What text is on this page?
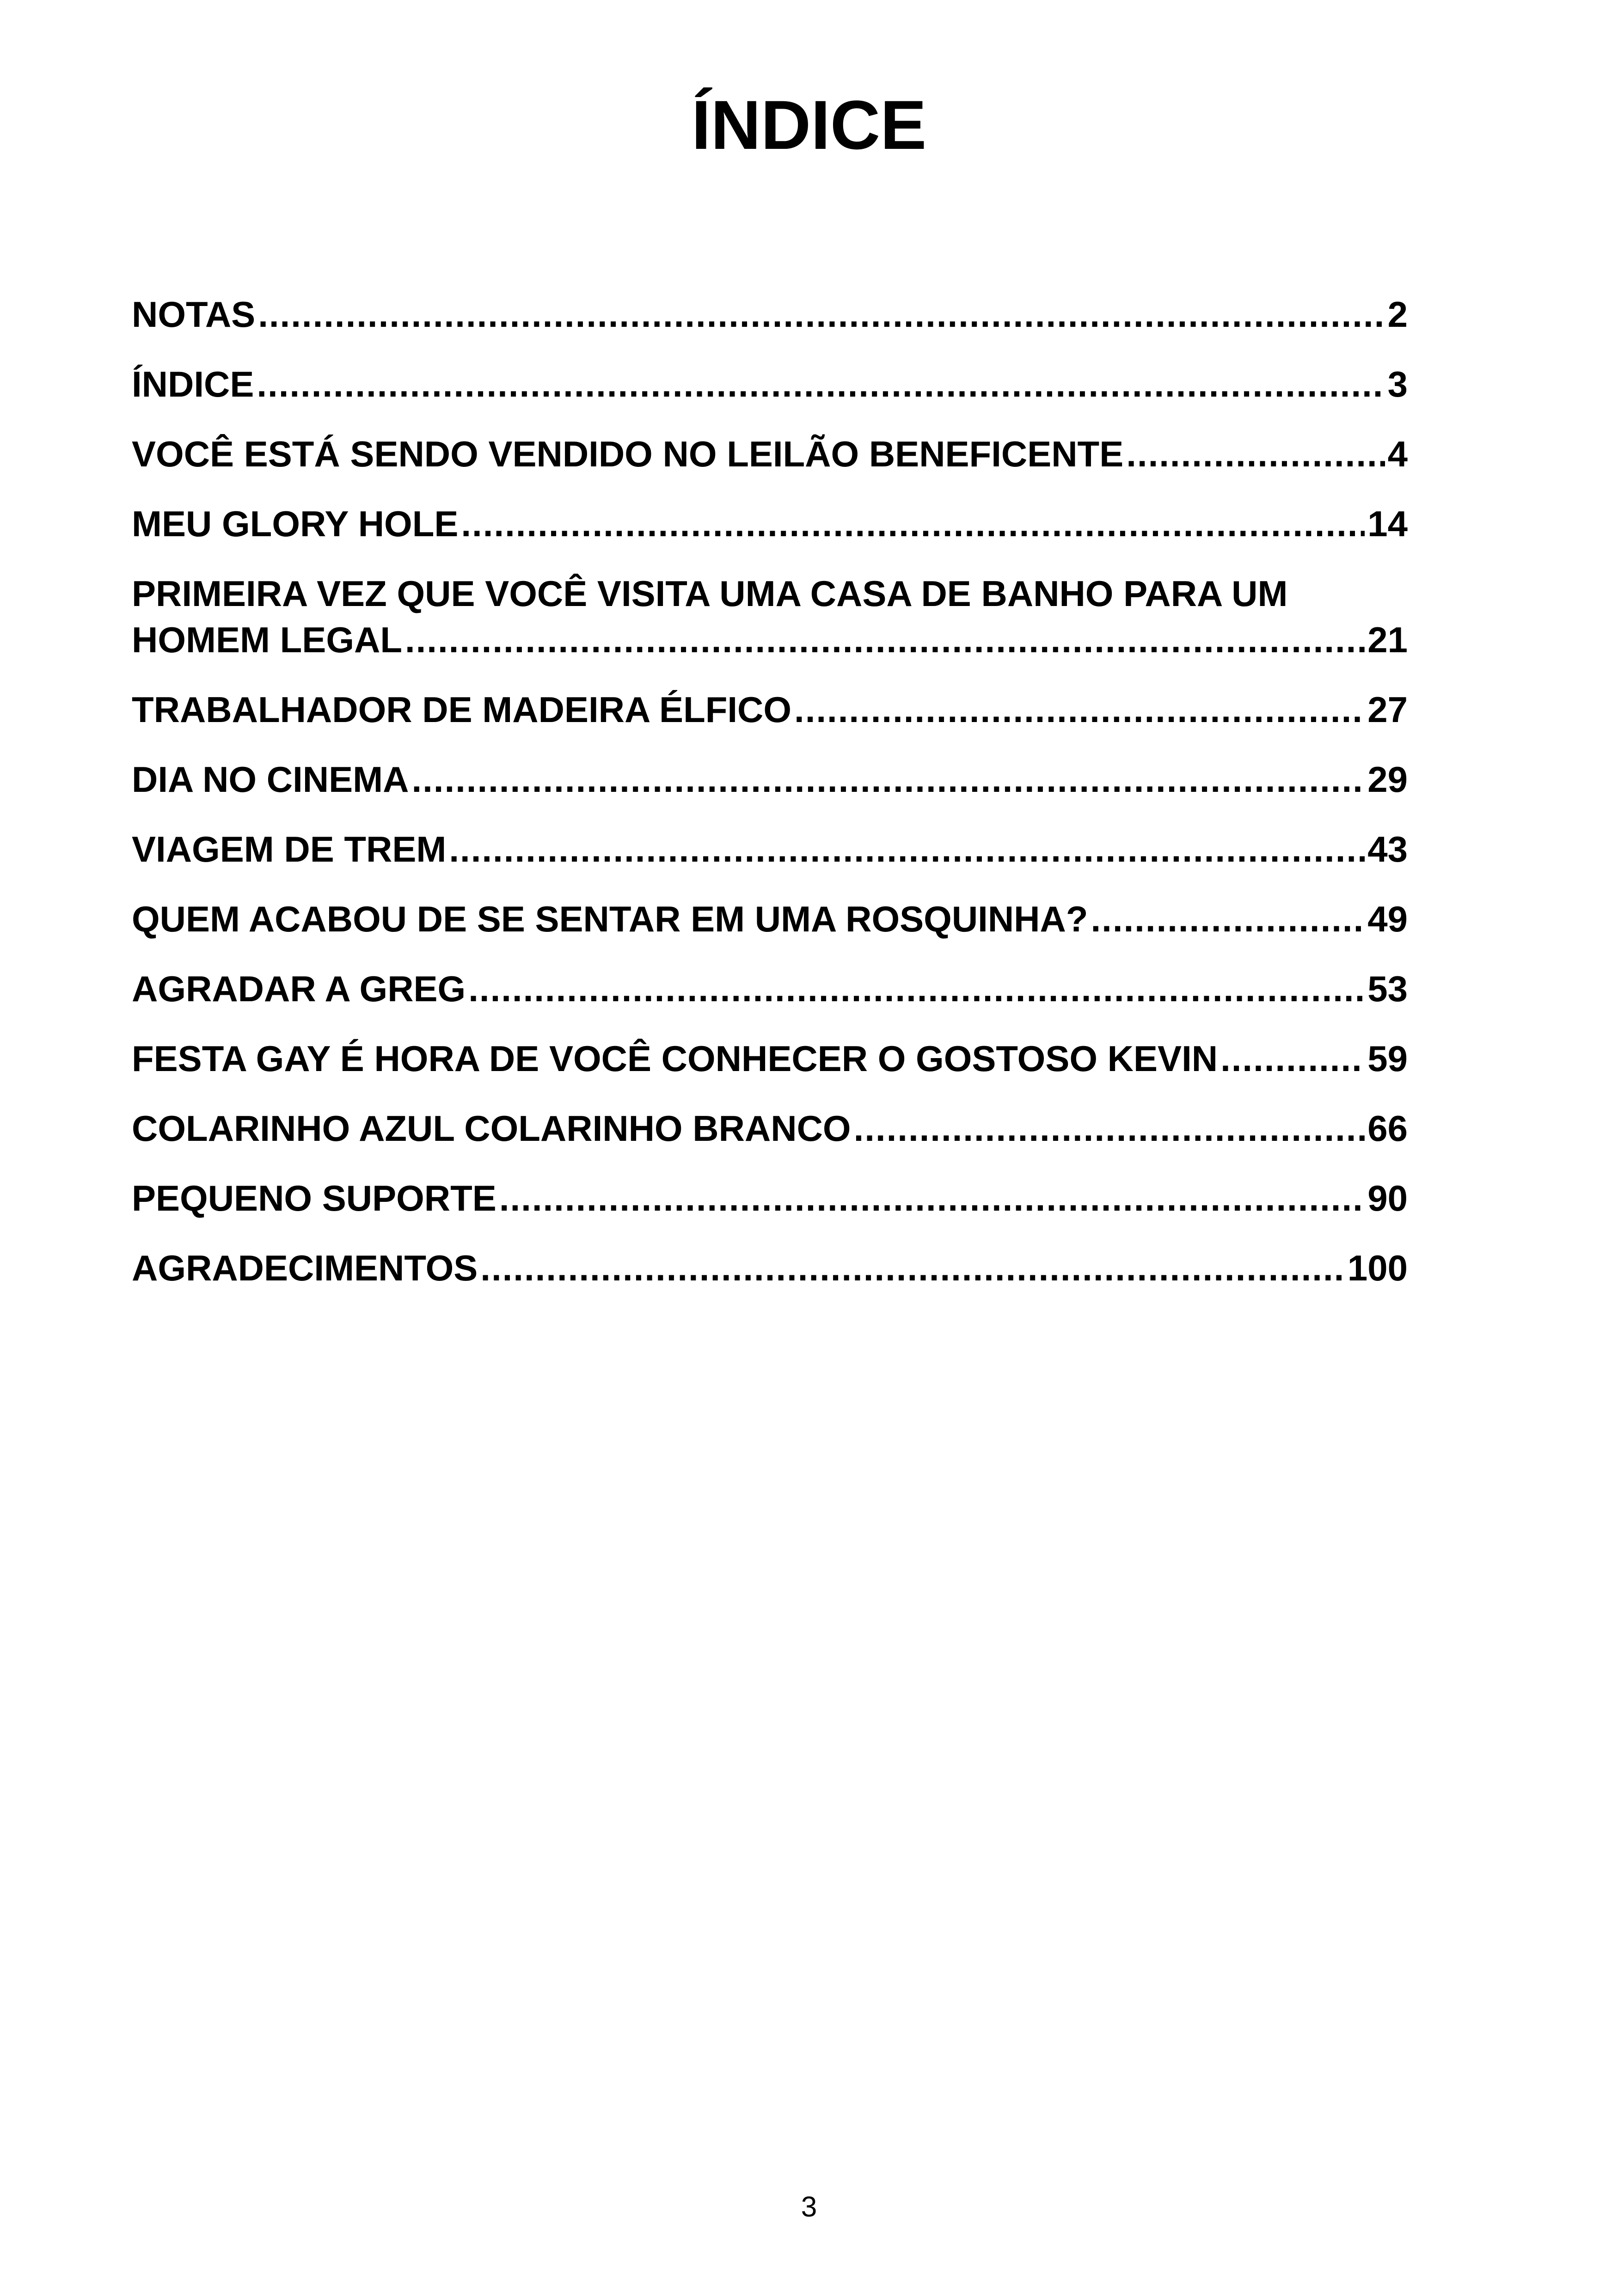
ÍNDICE
NOTAS .....	2
ÍNDICE .....	3
VOCÊ ESTÁ SENDO VENDIDO NO LEILÃO BENEFICENTE .....	4
MEU GLORY HOLE .....	14
PRIMEIRA VEZ QUE VOCÊ VISITA UMA CASA DE BANHO PARA UM
HOMEM LEGAL .....	21
TRABALHADOR DE MADEIRA ÉLFICO .....	27
DIA NO CINEMA .....	29
VIAGEM DE TREM .....	43
QUEM ACABOU DE SE SENTAR EM UMA ROSQUINHA? .....	49
AGRADAR A GREG .....	53
FESTA GAY É HORA DE VOCÊ CONHECER O GOSTOSO KEVIN .....	59
COLARINHO AZUL COLARINHO BRANCO .....	66
PEQUENO SUPORTE .....	90
AGRADECIMENTOS .....	100
3
